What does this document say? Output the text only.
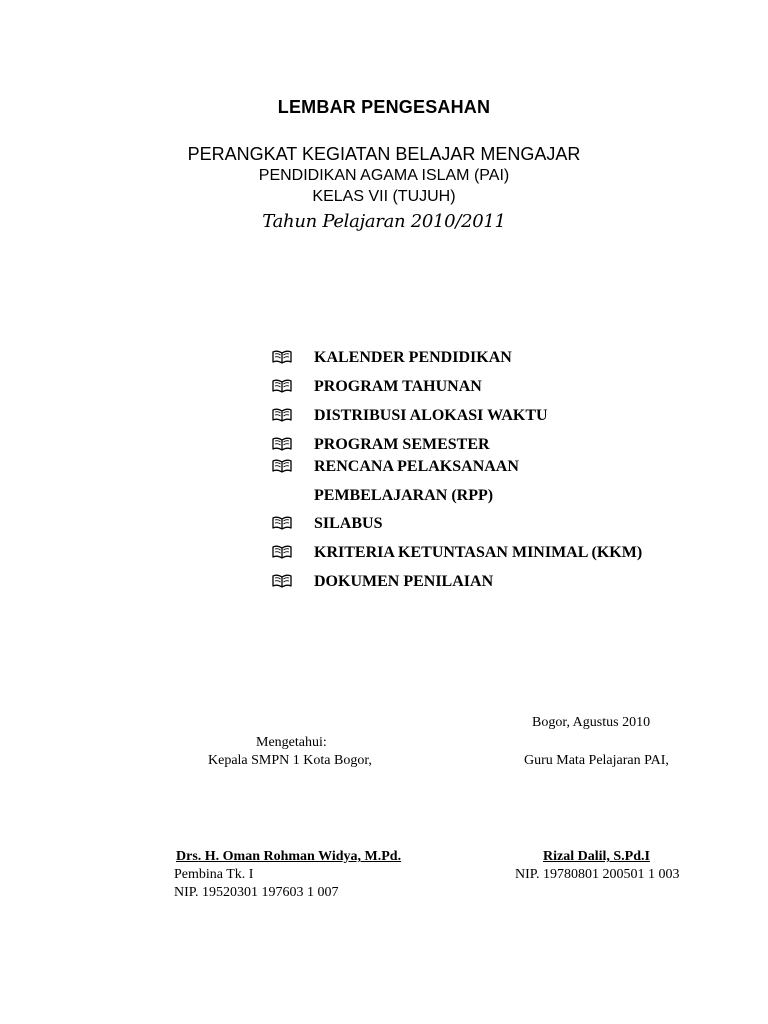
LEMBAR PENGESAHAN
PERANGKAT KEGIATAN BELAJAR MENGAJAR
PENDIDIKAN AGAMA ISLAM (PAI)
KELAS VII (TUJUH)
Tahun Pelajaran 2010/2011
KALENDER PENDIDIKAN
PROGRAM TAHUNAN
DISTRIBUSI ALOKASI WAKTU
PROGRAM SEMESTER
RENCANA PELAKSANAAN
PEMBELAJARAN (RPP)
SILABUS
KRITERIA KETUNTASAN MINIMAL (KKM)
DOKUMEN PENILAIAN
Bogor, Agustus 2010
Mengetahui:
Kepala SMPN 1 Kota Bogor,	Guru Mata Pelajaran PAI,
Drs. H. Oman Rohman Widya, M.Pd.
Pembina Tk. I
NIP. 19520301 197603 1 007
Rizal Dalil, S.Pd.I
NIP. 19780801 200501 1 003
